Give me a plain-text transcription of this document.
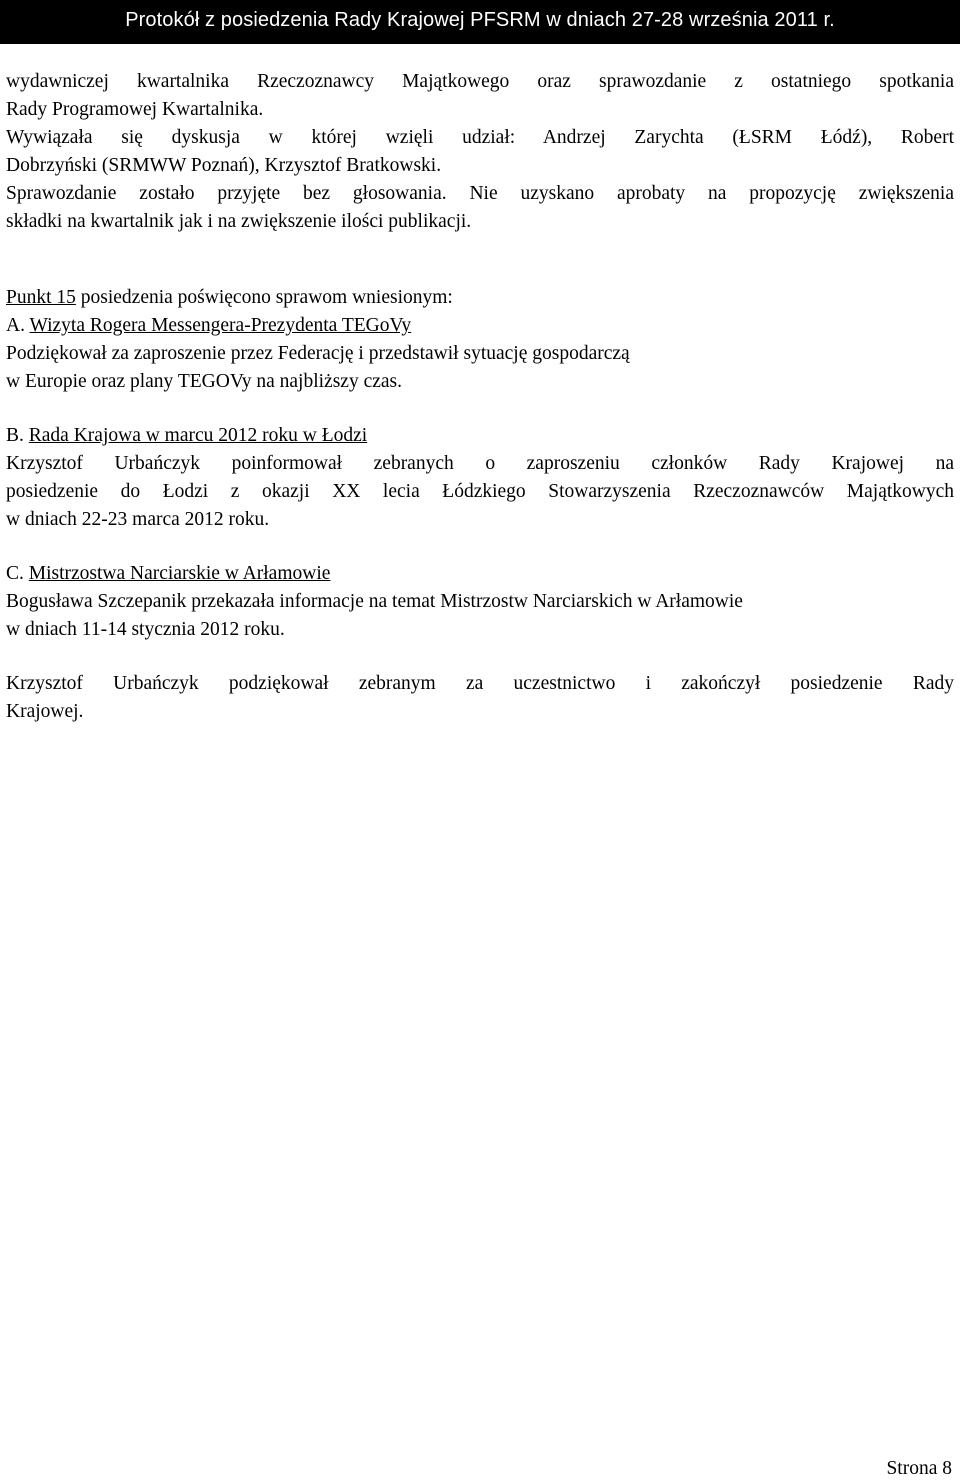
Protokół z posiedzenia Rady Krajowej PFSRM w dniach 27-28 września 2011 r.

wydawniczej kwartalnika Rzeczoznawcy Majątkowego oraz sprawozdanie z ostatniego spotkania
Rady Programowej Kwartalnika.

Wywiązała się dyskusja w której wzięli udział: Andrzej Zarychta (ŁSRM Łódź), Robert
Dobrzyński (SRMWW Poznań), Krzysztof Bratkowski.

Sprawozdanie zostało przyjęte bez głosowania. Nie uzyskano aprobaty na propozycję zwiększenia
składki na kwartalnik jak i na zwiększenie ilości publikacji.

Punkt 15 posiedzenia poświęcono sprawom wniesionym:

A. Wizyta Rogera Messengera-Prezydenta TEGoVy
Podziękował za zaproszenie przez Federację i przedstawił sytuację gospodarczą
w Europie oraz plany TEGOVy na najbliższy czas.

B. Rada Krajowa w marcu 2012 roku w Łodzi
Krzysztof Urbańczyk poinformował zebranych o zaproszeniu członków Rady Krajowej na
posiedzenie do Łodzi z okazji XX lecia Łódzkiego Stowarzyszenia Rzeczoznawców Majątkowych
w dniach 22-23 marca 2012 roku.

C. Mistrzostwa Narciarskie w Arłamowie
Bogusława Szczepanik przekazała informacje na temat Mistrzostw Narciarskich w Arłamowie
w dniach 11-14 stycznia 2012 roku.

Krzysztof Urbańczyk podziękował zebranym za uczestnictwo i zakończył posiedzenie Rady
Krajowej.

Strona 8
